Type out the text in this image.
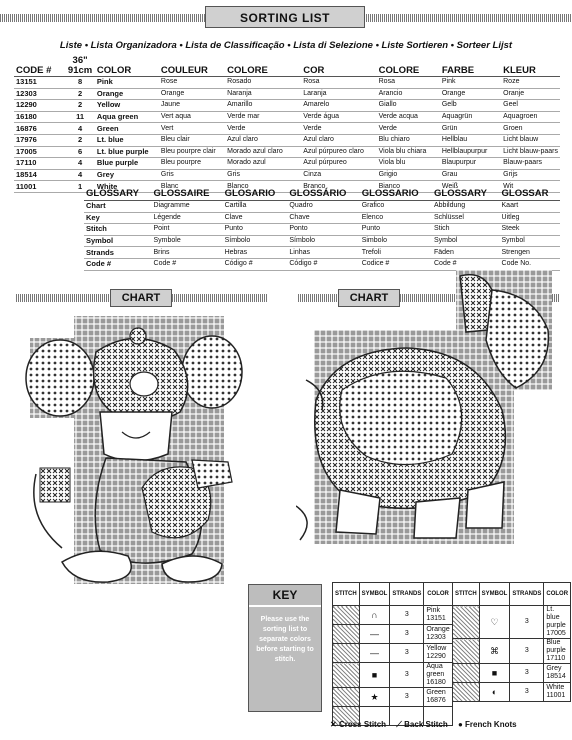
SORTING LIST
Liste • Lista Organizadora • Lista de Classificação • Lista di Selezione • Liste Sortieren • Sorteer Lijst
CODE #	36" 91cm	COLOR	COULEUR	COLORE	COR	COLORE	FARBE	KLEUR
13151	8	Pink	Rose	Rosado	Rosa	Rosa	Pink	Roze
12303	2	Orange	Orange	Naranja	Laranja	Arancio	Orange	Oranje
12290	2	Yellow	Jaune	Amarillo	Amarelo	Giallo	Gelb	Geel
16180	11	Aqua green	Vert aqua	Verde mar	Verde água	Verde acqua	Aquagrün	Aquagroen
16876	4	Green	Vert	Verde	Verde	Verde	Grün	Groen
17976	2	Lt. blue	Bleu clair	Azul claro	Azul claro	Blu chiaro	Hellblau	Licht blauw
17005	6	Lt. blue purple	Bleu pourpre clair	Morado azul claro	Azul púrpureo claro	Viola blu chiara	Hellblaupurpur	Licht blauw-paars
17110	4	Blue purple	Bleu pourpre	Morado azul	Azul púrpureo	Viola blu	Blaupurpur	Blauw-paars
18514	4	Grey	Gris	Gris	Cinza	Grigio	Grau	Grijs
11001	1	White	Blanc	Blanco	Branco	Bianco	Weiß	Wit
GLOSSARY	GLOSSAIRE	GLOSARIO	GLOSSÁRIO	GLOSSARIO	GLOSSARY	GLOSSAR
Chart	Diagramme	Cartilla	Quadro	Grafico	Abbildung	Kaart
Key	Légende	Clave	Chave	Elenco	Schlüssel	Uitleg
Stitch	Point	Punto	Ponto	Punto	Stich	Steek
Symbol	Symbole	Símbolo	Símbolo	Simbolo	Symbol	Symbol
Strands	Brins	Hebras	Linhas	Trefoli	Fäden	Strengen
Code #	Code #	Código #	Código #	Codice #	Code #	Code No.
CHART	CHART
KEY
Please use the sorting list to separate colors before starting to stitch.
STITCH	SYMBOL	STRANDS	COLOR
	∩	3	Pink
13151

	—	3	Orange
12303

	—	3	Yellow
12290

	■	3	Aqua green
16180

	★	3	Green
16876

STITCH	SYMBOL	STRANDS	COLOR
	♡	3	Lt. blue purple
17005

	⌘	3	Blue purple
17110

	■	3	Grey
18514

	◐	3	White
11001
✕ Cross Stitch ⟋ Back Stitch ● French Knots
